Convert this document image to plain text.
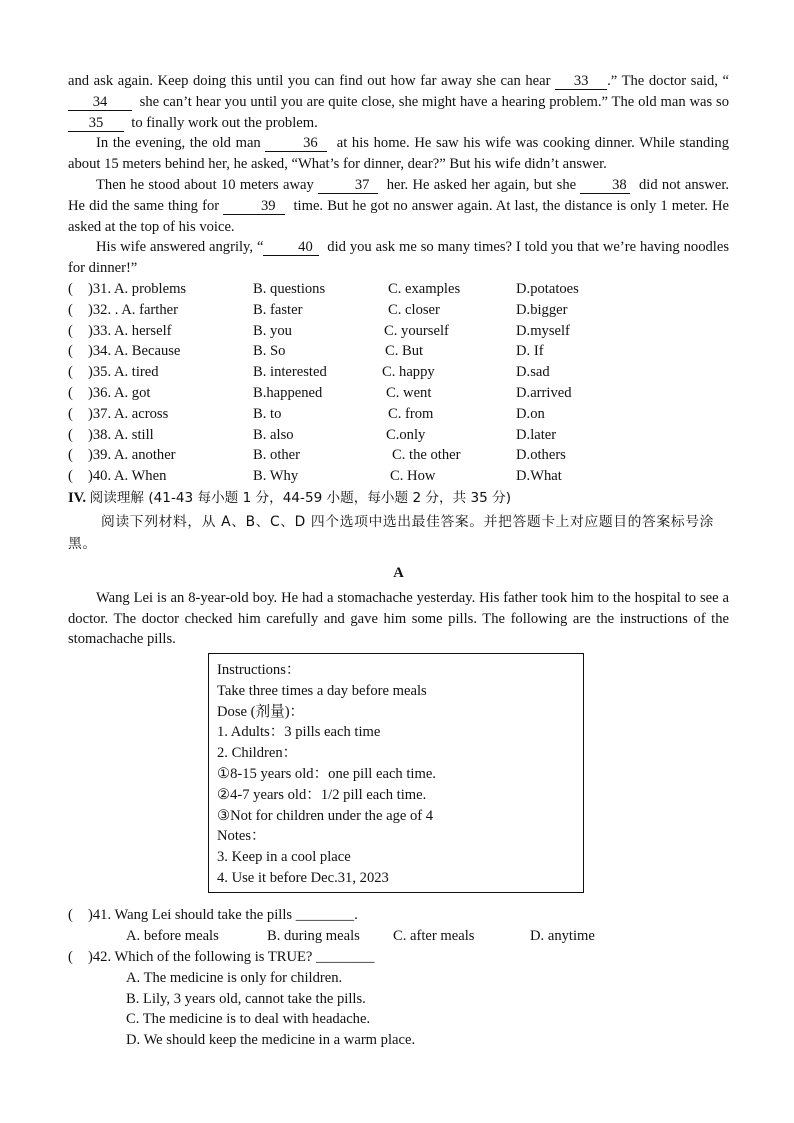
and ask again. Keep doing this until you can find out how far away she can hear 33 .” The doctor said, “34 she can’t hear you until you are quite close, she might have a hearing problem.” The old man was so 35 to finally work out the problem.

In the evening, the old man	36 at his home. He saw his wife was cooking dinner. While standing about 15 meters behind her, he asked, “What’s for dinner, dear?” But his wife didn’t answer.

Then he stood about 10 meters away	37 her. He asked her again, but she 38 did not answer. He did the same thing for	39 time. But he got no answer again. At last, the distance is only 1 meter. He asked at the top of his voice.

His wife answered angrily, “ 40 did you ask me so many times? I told you that we’re having noodles for dinner!”

( )31. A. problems	B. questions	C. examples	D.potatoes
( )32. . A. farther	B. faster	C. closer	D.bigger
( )33. A. herself	B. you	C. yourself	D.myself
( )34. A. Because	B. So	C. But	D. If
( )35. A. tired	B. interested	C. happy	D.sad
( )36. A. got	B.happened	C. went	D.arrived
( )37. A. across	B. to	C. from	D.on
( )38. A. still	B. also	C.only	D.later
( )39. A. another	B. other	C. the other	D.others
( )40. A. When	B. Why	C. How	D.What
IV. 阅读理解 (41-43 每小题 1 分，44-59 小题，每小题 2 分，共 35 分)

阅读下列材料，从 A、B、C、D 四个选项中选出最佳答案。并把答题卡上对应题目的答案标号涂黑。

A

Wang Lei is an 8-year-old boy. He had a stomachache yesterday. His father took him to the hospital to see a doctor. The doctor checked him carefully and gave him some pills. The following are the instructions of the stomachache pills.

Instructions：
Take three times a day before meals
Dose (剂量)：
1. Adults：3 pills each time
2. Children：
①8-15 years old：one pill each time.
②4-7 years old：1/2 pill each time.
③Not for children under the age of 4
Notes：
3. Keep in a cool place
4. Use it before Dec.31, 2023
( )41. Wang Lei should take the pills ________.
A. before meals	B. during meals C. after meals	D. anytime
( )42. Which of the following is TRUE? ________
A. The medicine is only for children.
B. Lily, 3 years old, cannot take the pills.
C. The medicine is to deal with headache.
D. We should keep the medicine in a warm place.
